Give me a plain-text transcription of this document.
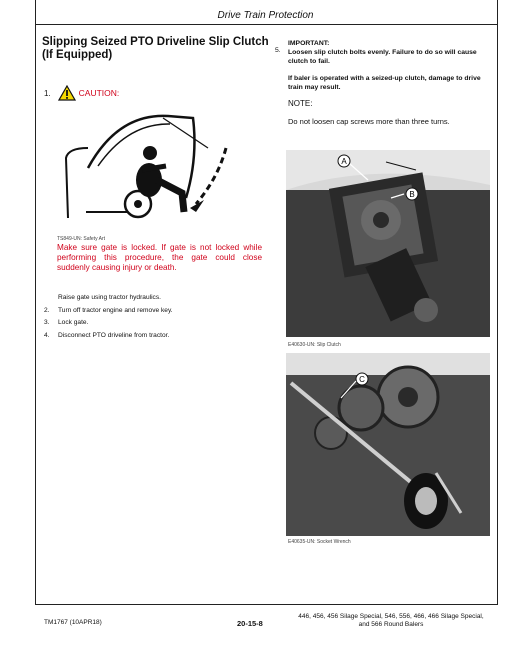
Drive Train Protection
Slipping Seized PTO Driveline Slip Clutch (If Equipped)
1.	CAUTION:
TS849-UN: Safety Art
Make sure gate is locked. If gate is not locked while performing this procedure, the gate could close suddenly causing injury or death.
Raise gate using tractor hydraulics.
2.	Turn off tractor engine and remove key.
3.	Lock gate.
4.	Disconnect PTO driveline from tractor.
5.
IMPORTANT:
Loosen slip clutch bolts evenly. Failure to do so will cause clutch to fail.
If baler is operated with a seized-up clutch, damage to drive train may result.
NOTE:
Do not loosen cap screws more than three turns.
A
B
E40630-UN: Slip Clutch
C
E40635-UN: Socket Wrench
TM1767 (10APR18)	20-15-8
446, 456, 456 Silage Special, 546, 556, 466, 466 Silage Special, and 566 Round Balers
